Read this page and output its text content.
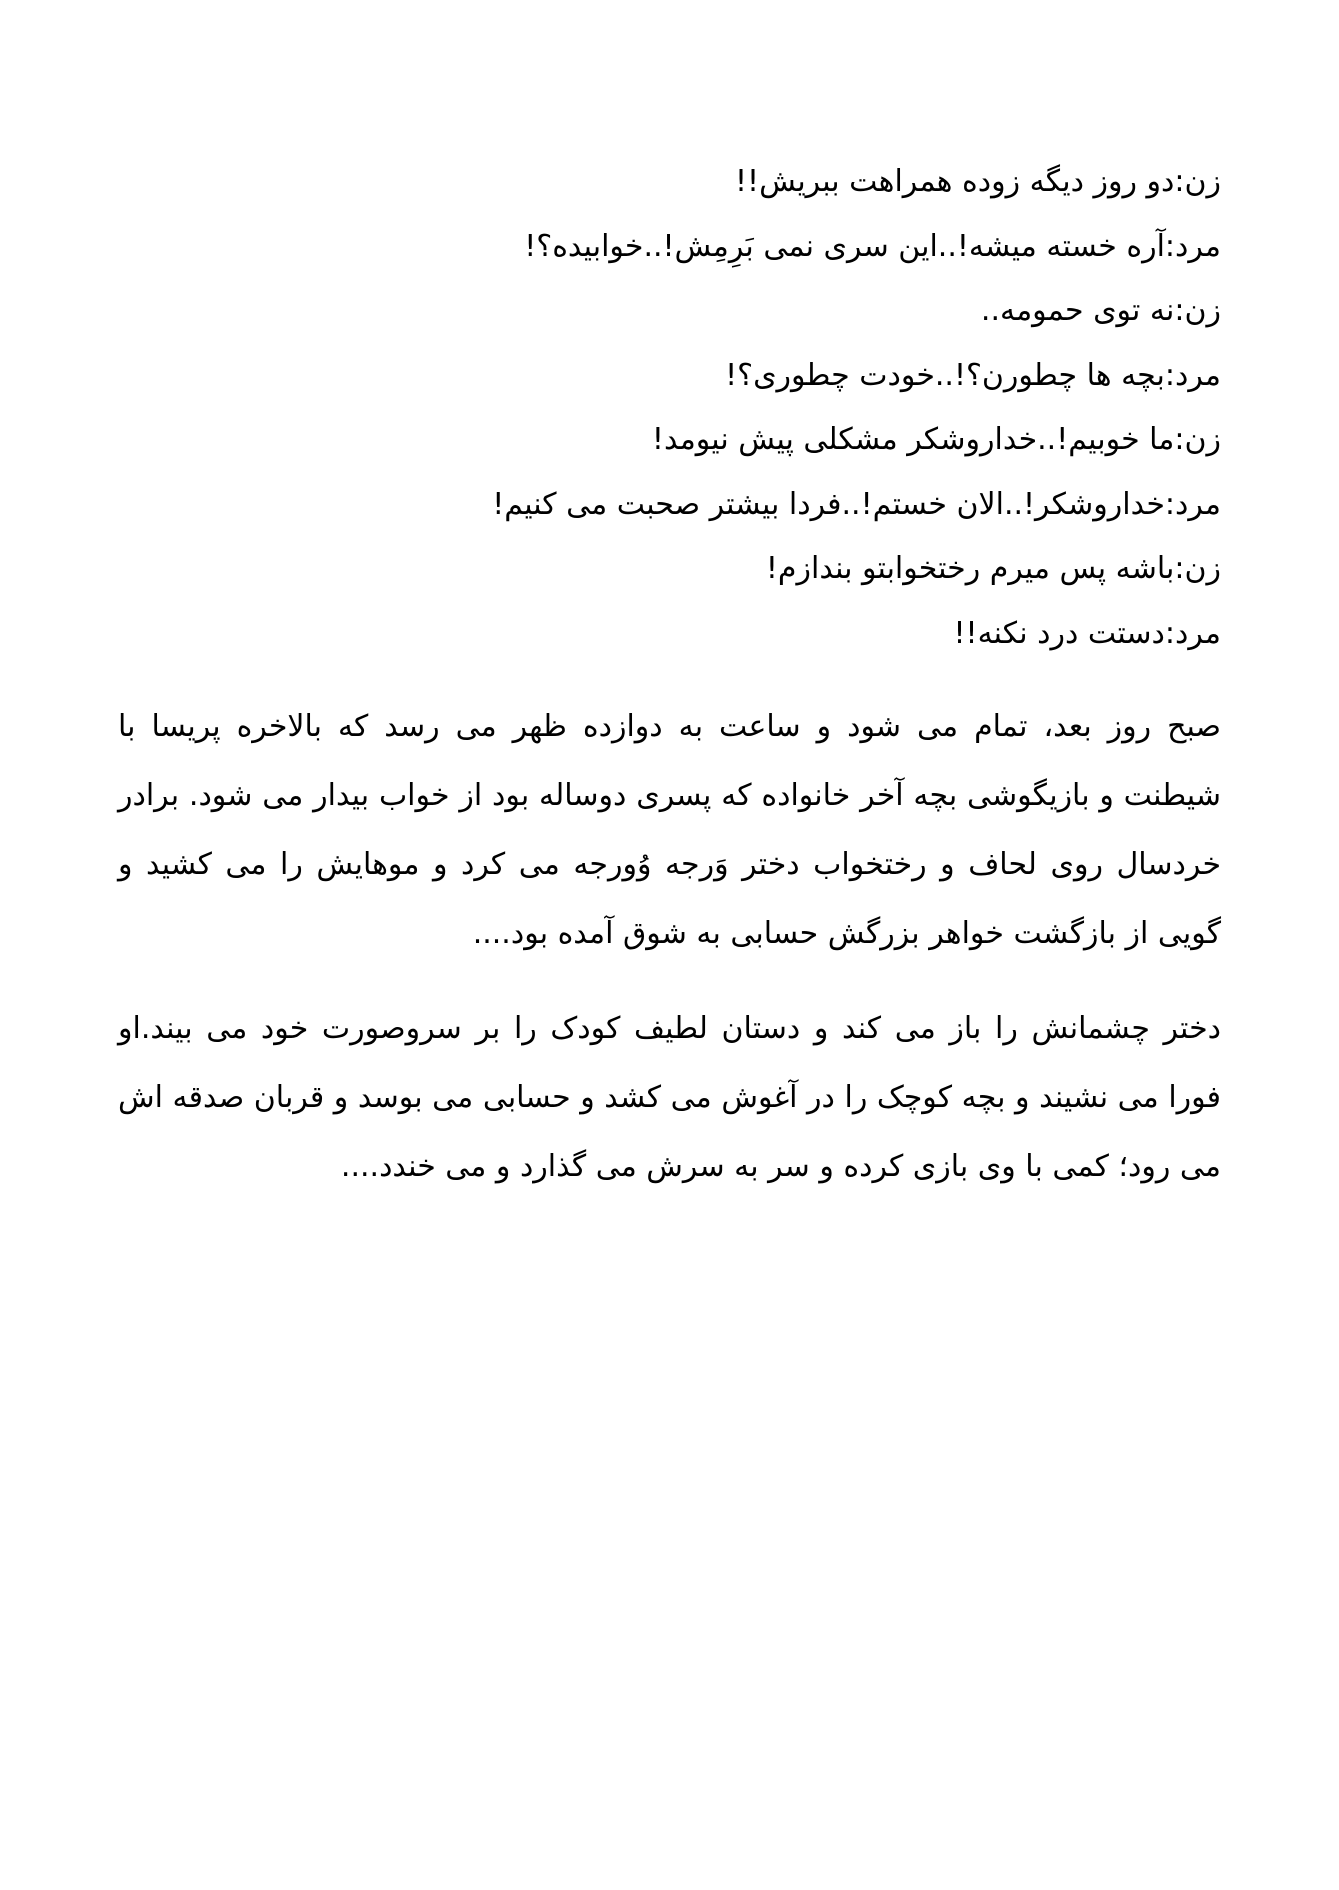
زن:دو روز دیگه زوده همراهت ببریش!!

مرد:آره خسته میشه!..این سری نمی بَرِمِش!..خوابیده؟!

زن:نه توی حمومه..

مرد:بچه ها چطورن؟!..خودت چطوری؟!

زن:ما خوبیم!..خداروشکر مشکلی پیش نیومد!

مرد:خداروشکر!..الان خستم!..فردا بیشتر صحبت می کنیم!

زن:باشه پس میرم رختخوابتو بندازم!

مرد:دستت درد نکنه!!

صبح روز بعد، تمام می شود و ساعت به دوازده ظهر می رسد که بالاخره پریسا با شیطنت و بازیگوشی بچه آخر خانواده که پسری دوساله بود از خواب بیدار می شود. برادر خردسال روی لحاف و رختخواب دختر وَرجه وُورجه می کرد و موهایش را می کشید و گویی از بازگشت خواهر بزرگش حسابی به شوق آمده بود....

دختر چشمانش را باز می کند و دستان لطیف کودک را بر سروصورت خود می بیند.او فورا می نشیند و بچه کوچک را در آغوش می کشد و حسابی می بوسد و قربان صدقه اش می رود؛ کمی با وی بازی کرده و سر به سرش می گذارد و می خندد....
